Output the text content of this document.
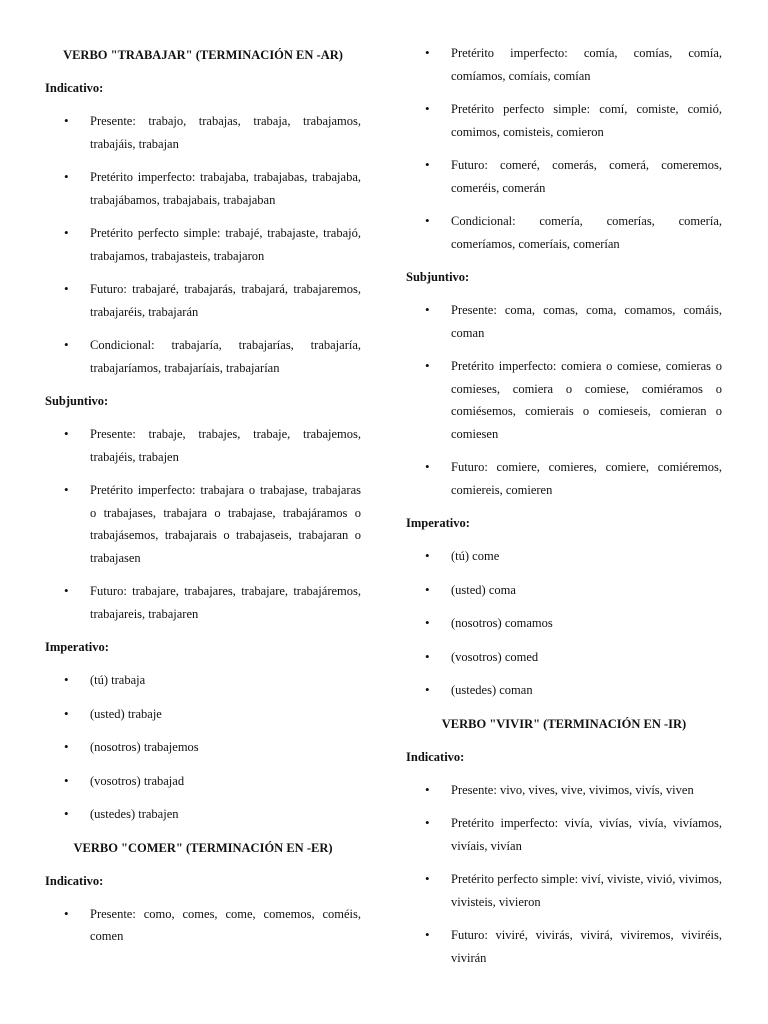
VERBO "TRABAJAR" (TERMINACIÓN EN -AR)

Indicativo:

• Presente: trabajo, trabajas, trabaja, trabajamos, trabajáis, trabajan
• Pretérito imperfecto: trabajaba, trabajabas, trabajaba, trabajábamos, trabajabais, trabajaban
• Pretérito perfecto simple: trabajé, trabajaste, trabajó, trabajamos, trabajasteis, trabajaron
• Futuro: trabajaré, trabajarás, trabajará, trabajaremos, trabajaréis, trabajarán
• Condicional: trabajaría, trabajarías, trabajaría, trabajaríamos, trabajaríais, trabajarían

Subjuntivo:

• Presente: trabaje, trabajes, trabaje, trabajemos, trabajéis, trabajen
• Pretérito imperfecto: trabajara o trabajase, trabajaras o trabajases, trabajara o trabajase, trabajáramos o trabajásemos, trabajarais o trabajaseis, trabajaran o trabajasen
• Futuro: trabajare, trabajares, trabajare, trabajáremos, trabajareis, trabajaren

Imperativo:

• (tú) trabaja
• (usted) trabaje
• (nosotros) trabajemos
• (vosotros) trabajad
• (ustedes) trabajen

VERBO "COMER" (TERMINACIÓN EN -ER)

Indicativo:

• Presente: como, comes, come, comemos, coméis, comen
• Pretérito imperfecto: comía, comías, comía, comíamos, comíais, comían
• Pretérito perfecto simple: comí, comiste, comió, comimos, comisteis, comieron
• Futuro: comeré, comerás, comerá, comeremos, comeréis, comerán
• Condicional: comería, comerías, comería, comeríamos, comeríais, comerían

Subjuntivo:

• Presente: coma, comas, coma, comamos, comáis, coman
• Pretérito imperfecto: comiera o comiese, comieras o comieses, comiera o comiese, comiéramos o comiésemos, comierais o comieseis, comieran o comiesen
• Futuro: comiere, comieres, comiere, comiéremos, comiereis, comieren

Imperativo:

• (tú) come
• (usted) coma
• (nosotros) comamos
• (vosotros) comed
• (ustedes) coman

VERBO "VIVIR" (TERMINACIÓN EN -IR)

Indicativo:

• Presente: vivo, vives, vive, vivimos, vivís, viven
• Pretérito imperfecto: vivía, vivías, vivía, vivíamos, vivíais, vivían
• Pretérito perfecto simple: viví, viviste, vivió, vivimos, vivisteis, vivieron
• Futuro: viviré, vivirás, vivirá, viviremos, viviréis, vivirán
